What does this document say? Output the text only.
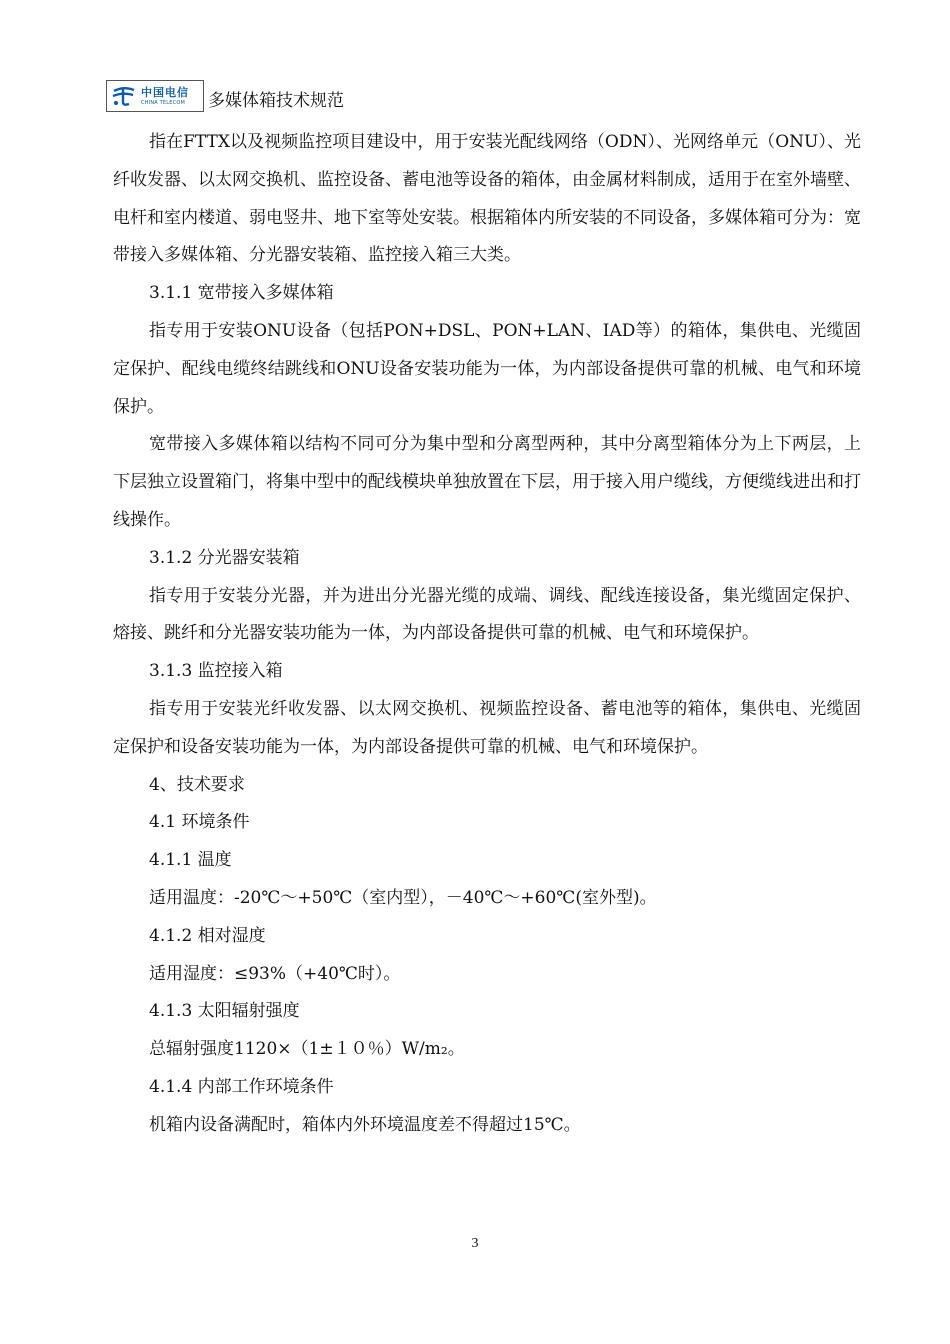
中国电信
CHINA TELECOM 多媒体箱技术规范

指在FTTX以及视频监控项目建设中，用于安装光配线网络（ODN）、光网络单元（ONU）、光纤收发器、以太网交换机、监控设备、蓄电池等设备的箱体，由金属材料制成，适用于在室外墙壁、电杆和室内楼道、弱电竖井、地下室等处安装。根据箱体内所安装的不同设备，多媒体箱可分为：宽带接入多媒体箱、分光器安装箱、监控接入箱三大类。

3.1.1 宽带接入多媒体箱

指专用于安装ONU设备（包括PON+DSL、PON+LAN、IAD等）的箱体，集供电、光缆固定保护、配线电缆终结跳线和ONU设备安装功能为一体，为内部设备提供可靠的机械、电气和环境保护。

宽带接入多媒体箱以结构不同可分为集中型和分离型两种，其中分离型箱体分为上下两层，上下层独立设置箱门，将集中型中的配线模块单独放置在下层，用于接入用户缆线，方便缆线进出和打线操作。

3.1.2 分光器安装箱

指专用于安装分光器，并为进出分光器光缆的成端、调线、配线连接设备，集光缆固定保护、熔接、跳纤和分光器安装功能为一体，为内部设备提供可靠的机械、电气和环境保护。

3.1.3 监控接入箱

指专用于安装光纤收发器、以太网交换机、视频监控设备、蓄电池等的箱体，集供电、光缆固定保护和设备安装功能为一体，为内部设备提供可靠的机械、电气和环境保护。

4、技术要求

4.1 环境条件

4.1.1 温度

适用温度：-20℃～+50℃（室内型），－40℃～+60℃(室外型)。

4.1.2 相对湿度

适用湿度：≤93%（+40℃时）。

4.1.3 太阳辐射强度

总辐射强度1120×（1±１０％）W/m₂。

4.1.4 内部工作环境条件

机箱内设备满配时，箱体内外环境温度差不得超过15℃。

3
